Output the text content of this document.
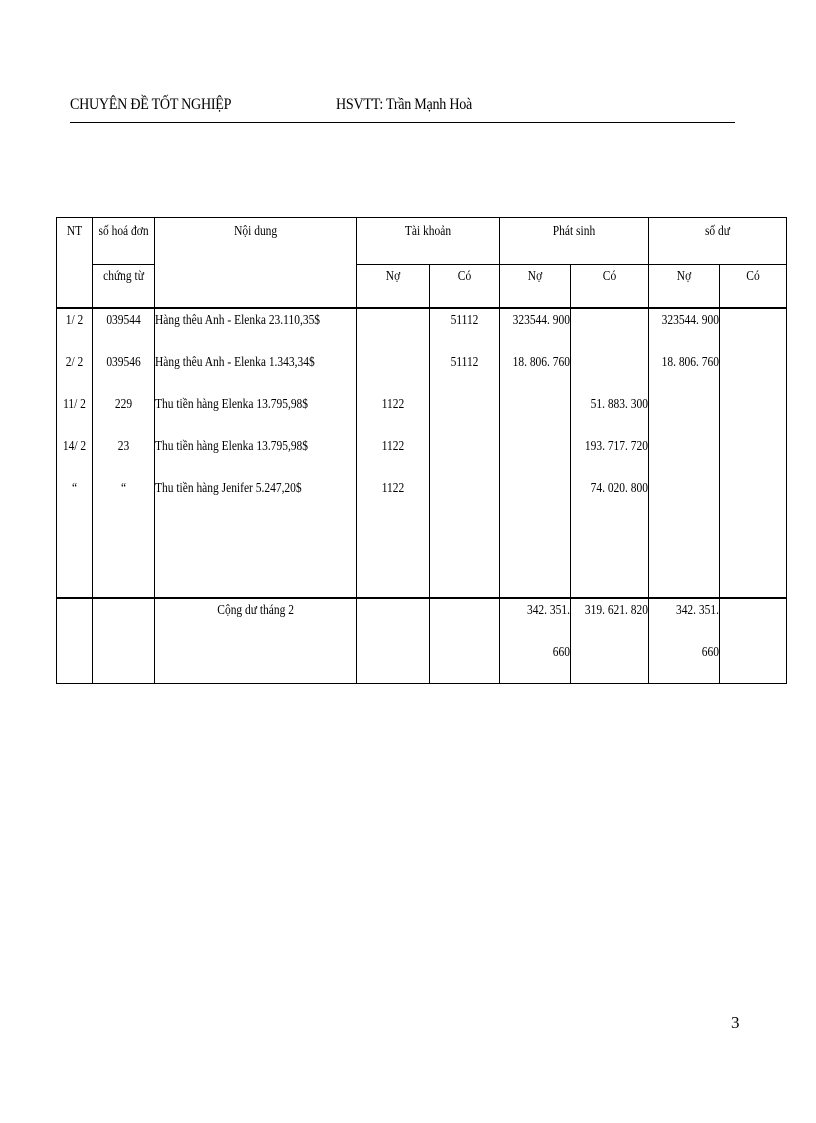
CHUYÊN ĐỀ TỐT NGHIỆP	HSVTT: Trần Mạnh Hoà
NT	số hoá đơn	Nội dung	Tài khoản		Phát sinh		số dư	

	chứng từ		Nợ	Có	Nợ	Có	Nợ	Có

1/ 2	039544	Hàng thêu Anh - Elenka 23.110,35$		51112	323544. 900		323544. 900	

2/ 2	039546	Hàng thêu Anh - Elenka 1.343,34$		51112	18. 806. 760		18. 806. 760	

11/ 2	229	Thu tiền hàng Elenka 13.795,98$	1122			51. 883. 300		

14/ 2	23	Thu tiền hàng Elenka 13.795,98$	1122			193. 717. 720		

“	“	Thu tiền hàng Jenifer 5.247,20$	1122			74. 020. 800		

		Cộng dư tháng 2			342. 351.	319. 621. 820	342. 351.	

					660		660	

3
